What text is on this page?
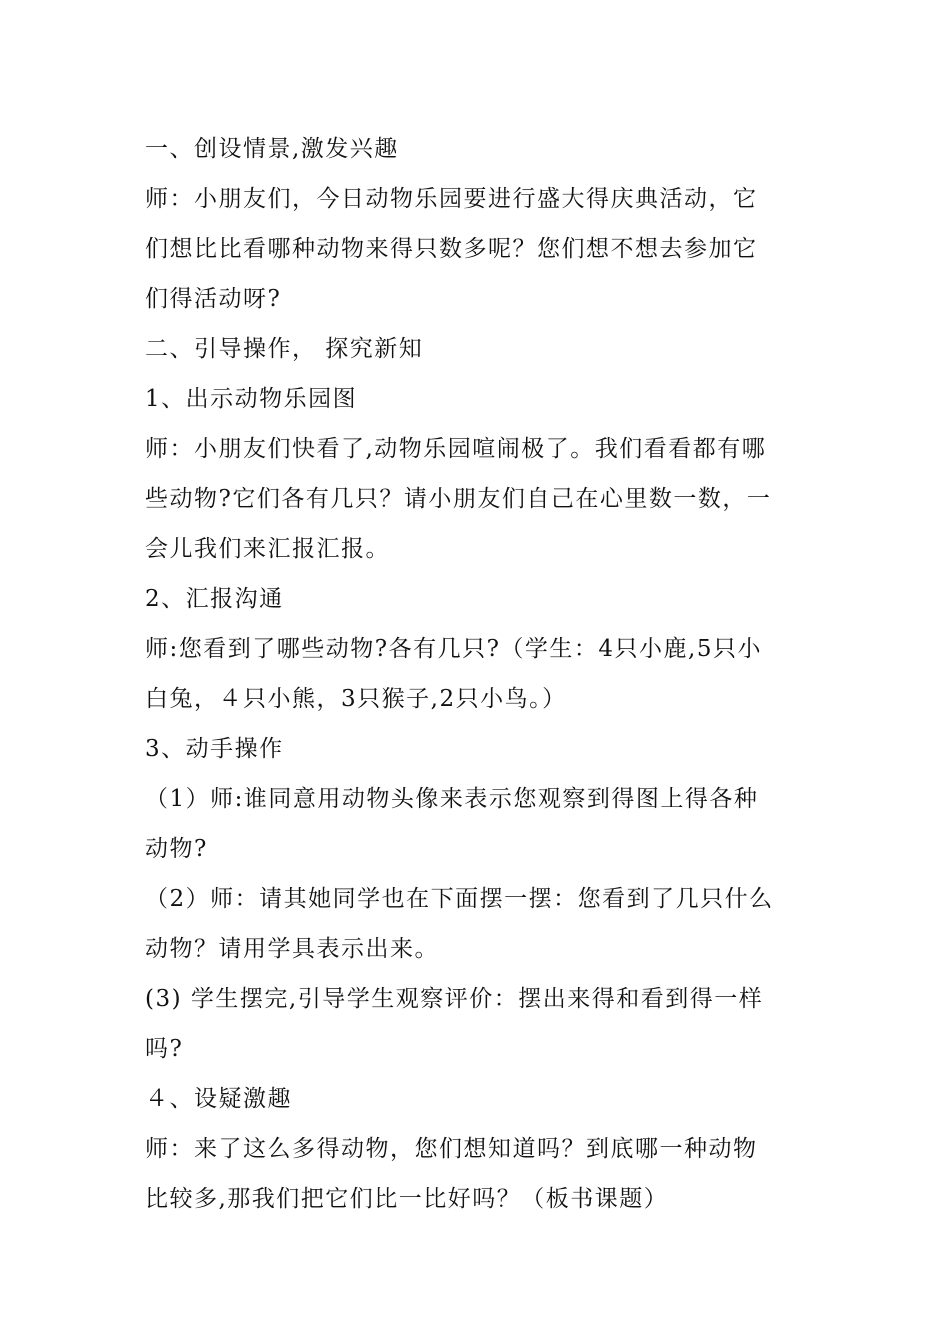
一、创设情景,激发兴趣
师：小朋友们，今日动物乐园要进行盛大得庆典活动，它
们想比比看哪种动物来得只数多呢？您们想不想去参加它
们得活动呀?
二、引导操作， 探究新知
1、出示动物乐园图
师：小朋友们快看了,动物乐园喧闹极了。我们看看都有哪
些动物?它们各有几只？请小朋友们自己在心里数一数，一
会儿我们来汇报汇报。
2、汇报沟通
师:您看到了哪些动物?各有几只?（学生：4只小鹿,5只小
白兔，４只小熊，3只猴子,2只小鸟。）
3、动手操作
（1）师:谁同意用动物头像来表示您观察到得图上得各种
动物?
（2）师：请其她同学也在下面摆一摆：您看到了几只什么
动物？请用学具表示出来。
(3) 学生摆完,引导学生观察评价：摆出来得和看到得一样
吗?
４、设疑激趣
师：来了这么多得动物，您们想知道吗？到底哪一种动物
比较多,那我们把它们比一比好吗？（板书课题）
